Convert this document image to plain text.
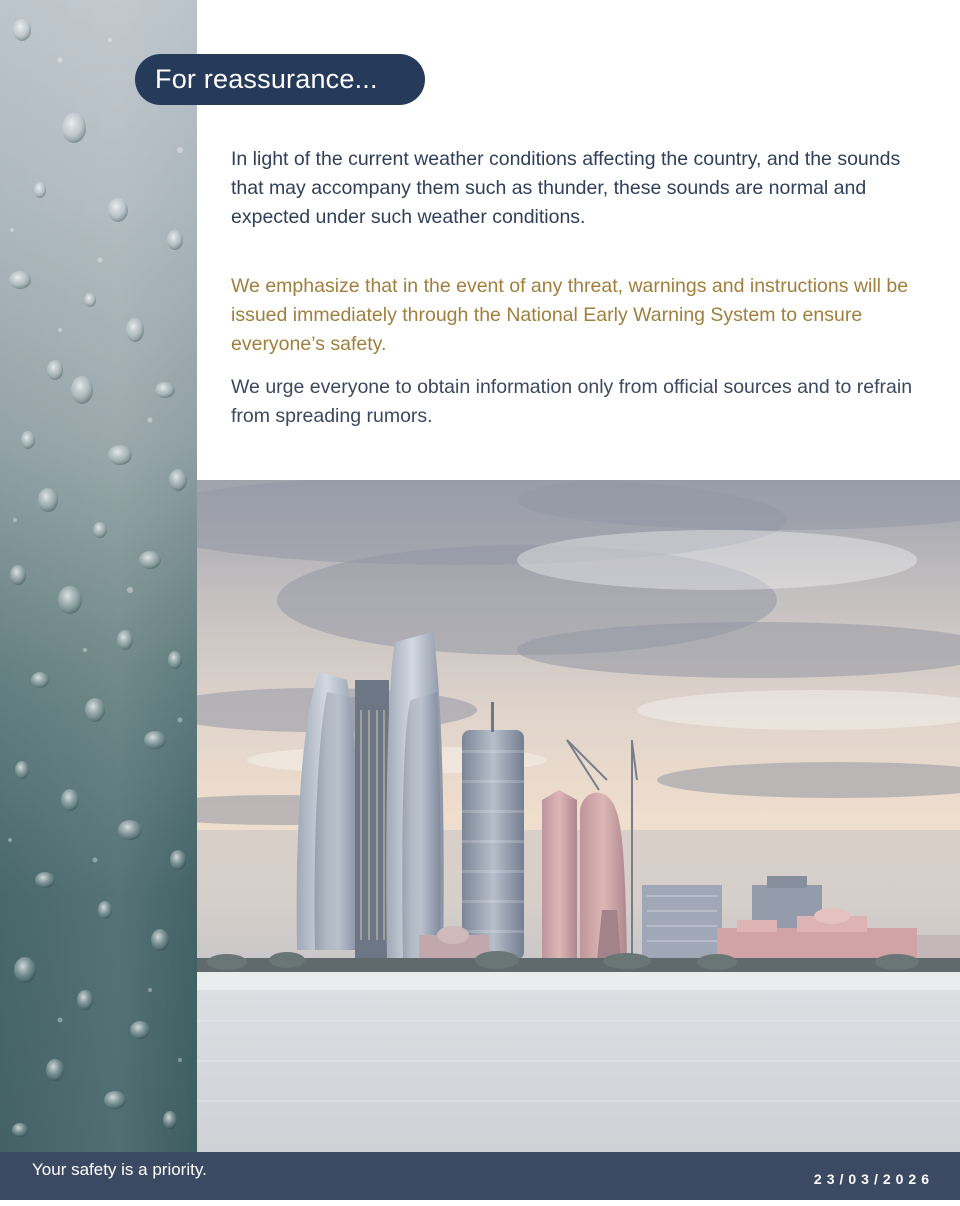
For reassurance...

In light of the current weather conditions affecting the country, and the sounds that may accompany them such as thunder, these sounds are normal and expected under such weather conditions.

We emphasize that in the event of any threat, warnings and instructions will be issued immediately through the National Early Warning System to ensure everyone’s safety.

We urge everyone to obtain information only from official sources and to refrain from spreading rumors.

Your safety is a priority.	23/03/2026
